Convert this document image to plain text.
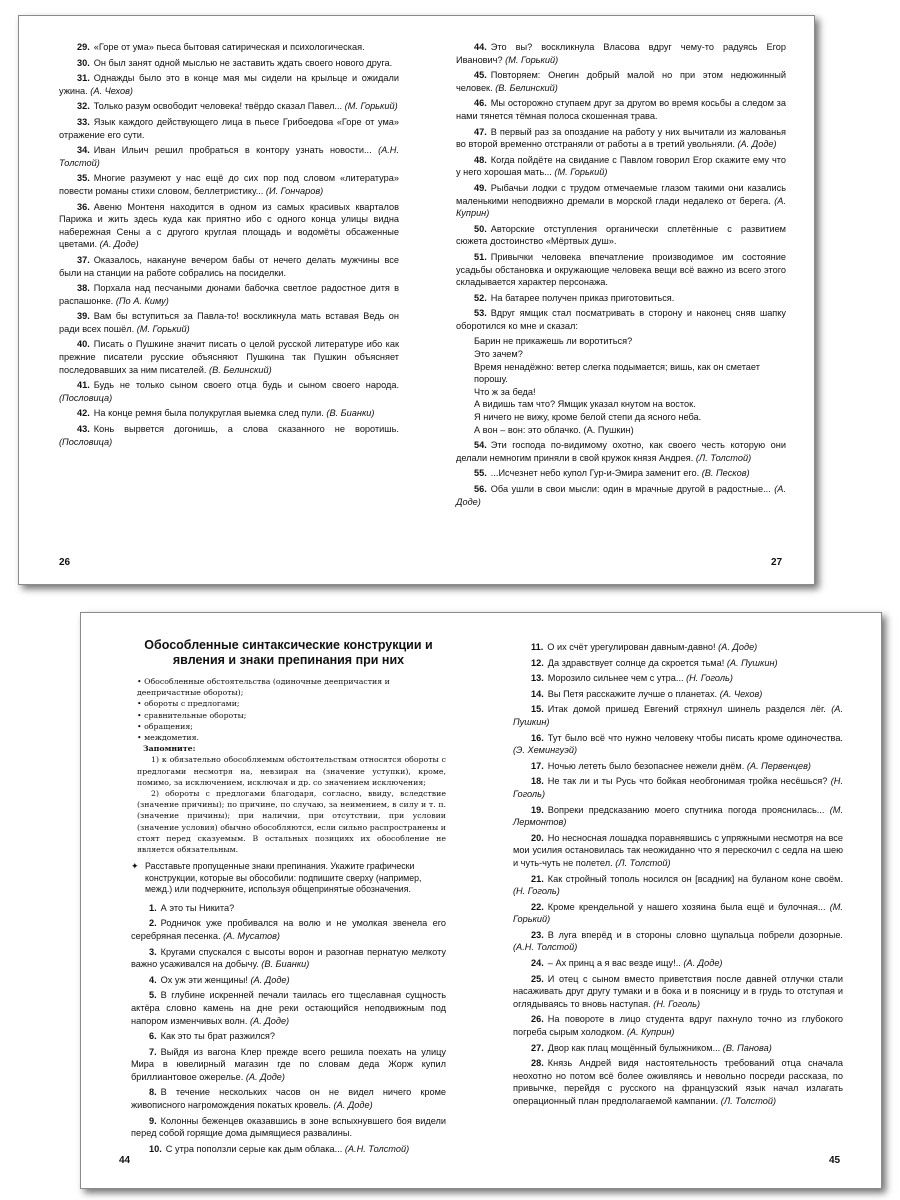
29. «Горе от ума» пьеса бытовая сатирическая и психологическая.

30. Он был занят одной мыслью не заставить ждать своего нового друга.

31. Однажды было это в конце мая мы сидели на крыльце и ожидали ужина. (А. Чехов)

32. Только разум освободит человека! твёрдо сказал Павел... (М. Горький)

33. Язык каждого действующего лица в пьесе Грибоедова «Горе от ума» отражение его сути.

34. Иван Ильич решил пробраться в контору узнать новости... (А.Н. Толстой)

35. Многие разумеют у нас ещё до сих пор под словом «литература» повести романы стихи словом, беллетристику... (И. Гончаров)

36. Авеню Монтеня находится в одном из самых красивых кварталов Парижа и жить здесь куда как приятно ибо с одного конца улицы видна набережная Сены а с другого круглая площадь и водомёты обсаженные цветами. (А. Доде)

37. Оказалось, накануне вечером бабы от нечего делать мужчины все были на станции на работе собрались на посиделки.

38. Порхала над песчаными дюнами бабочка светлое радостное дитя в распашонке. (По А. Киму)

39. Вам бы вступиться за Павла-то! воскликнула мать вставая Ведь он ради всех пошёл. (М. Горький)

40. Писать о Пушкине значит писать о целой русской литературе ибо как прежние писатели русские объясняют Пушкина так Пушкин объясняет последовавших за ним писателей. (В. Белинский)

41. Будь не только сыном своего отца будь и сыном своего народа. (Пословица)

42. На конце ремня была полукруглая выемка след пули. (В. Бианки)

43. Конь вырвется догонишь, а слова сказанного не воротишь. (Пословица)

44. Это вы? воскликнула Власова вдруг чему-то радуясь Егор Иванович? (М. Горький)

45. Повторяем: Онегин добрый малой но при этом недюжинный человек. (В. Белинский)

46. Мы осторожно ступаем друг за другом во время косьбы а следом за нами тянется тёмная полоса скошенная трава.

47. В первый раз за опоздание на работу у них вычитали из жалованья во второй временно отстраняли от работы а в третий увольняли. (А. Доде)

48. Когда пойдёте на свидание с Павлом говорил Егор скажите ему что у него хорошая мать... (М. Горький)

49. Рыбачьи лодки с трудом отмечаемые глазом такими они казались маленькими неподвижно дремали в морской глади недалеко от берега. (А. Куприн)

50. Авторские отступления органически сплетённые с развитием сюжета достоинство «Мёртвых душ».

51. Привычки человека впечатление производимое им состояние усадьбы обстановка и окружающие человека вещи всё важно из всего этого складывается характер персонажа.

52. На батарее получен приказ приготовиться.

53. Вдруг ямщик стал посматривать в сторону и наконец сняв шапку оборотился ко мне и сказал:

Барин не прикажешь ли воротиться?

Это зачем?

Время ненадёжно: ветер слегка подымается; вишь, как он сметает порошу.

Что ж за беда!

А видишь там что? Ямщик указал кнутом на восток.

Я ничего не вижу, кроме белой степи да ясного неба.

А вон – вон: это облачко. (А. Пушкин)

54. Эти господа по-видимому охотно, как своего честь которую они делали немногим приняли в свой кружок князя Андрея. (Л. Толстой)

55. ...Исчезнет небо купол Гур-и-Эмира заменит его. (В. Песков)

56. Оба ушли в свои мысли: один в мрачные другой в радостные... (А. Доде)

26	27
Обособленные синтаксические конструкции и явления и знаки препинания при них

• Обособленные обстоятельства (одиночные деепричастия и деепричастные обороты);

• обороты с предлогами;

• сравнительные обороты;

• обращения;

• междометия.

Запомните:

1) к обязательно обособляемым обстоятельствам относятся обороты с предлогами несмотря на, невзирая на (значение уступки), кроме, помимо, за исключением, исключая и др. со значением исключения;

2) обороты с предлогами благодаря, согласно, ввиду, вследствие (значение причины); по причине, по случаю, за неимением, в силу и т. п. (значение причины); при наличии, при отсутствии, при условии (значение условия) обычно обособляются, если сильно распространены и стоят перед сказуемым. В остальных позициях их обособление не является обязательным.

✦ Расставьте пропущенные знаки препинания. Укажите графически конструкции, которые вы обособили: подпишите сверху (например, межд.) или подчеркните, используя общепринятые обозначения.

1. А это ты Никита?

2. Родничок уже пробивался на волю и не умолкая звенела его серебряная песенка. (А. Мусатов)

3. Кругами спускался с высоты ворон и разогнав пернатую мелкоту важно усаживался на добычу. (В. Бианки)

4. Ох уж эти женщины! (А. Доде)

5. В глубине искренней печали таилась его тщеславная сущность актёра словно камень на дне реки остающийся неподвижным под напором изменчивых волн. (А. Доде)

6. Как это ты брат разжился?

7. Выйдя из вагона Клер прежде всего решила поехать на улицу Мира в ювелирный магазин где по словам деда Жорж купил бриллиантовое ожерелье. (А. Доде)

8. В течение нескольких часов он не видел ничего кроме живописного нагромождения покатых кровель. (А. Доде)

9. Колонны беженцев оказавшись в зоне вспыхнувшего боя видели перед собой горящие дома дымящиеся развалины.

10. С утра поползли серые как дым облака... (А.Н. Толстой)

11. О их счёт урегулирован давным-давно! (А. Доде)

12. Да здравствует солнце да скроется тьма! (А. Пушкин)

13. Морозило сильнее чем с утра... (Н. Гоголь)

14. Вы Петя расскажите лучше о планетах. (А. Чехов)

15. Итак домой пришед Евгений стряхнул шинель разделся лёг. (А. Пушкин)

16. Тут было всё что нужно человеку чтобы писать кроме одиночества. (Э. Хемингуэй)

17. Ночью лететь было безопаснее нежели днём. (А. Первенцев)

18. Не так ли и ты Русь что бойкая необгонимая тройка несёшься? (Н. Гоголь)

19. Вопреки предсказанию моего спутника погода прояснилась... (М. Лермонтов)

20. Но несносная лошадка поравнявшись с упряжными несмотря на все мои усилия остановилась так неожиданно что я перескочил с седла на шею и чуть-чуть не полетел. (Л. Толстой)

21. Как стройный тополь носился он [всадник] на буланом коне своём. (Н. Гоголь)

22. Кроме крендельной у нашего хозяина была ещё и булочная... (М. Горький)

23. В луга вперёд и в стороны словно щупальца побрели дозорные. (А.Н. Толстой)

24. – Ах принц а я вас везде ищу!.. (А. Доде)

25. И отец с сыном вместо приветствия после давней отлучки стали насаживать друг другу тумаки и в бока и в поясницу и в грудь то отступая и оглядываясь то вновь наступая. (Н. Гоголь)

26. На повороте в лицо студента вдруг пахнуло точно из глубокого погреба сырым холодком. (А. Куприн)

27. Двор как плац мощённый булыжником... (В. Панова)

28. Князь Андрей видя настоятельность требований отца сначала неохотно но потом всё более оживляясь и невольно посреди рассказа, по привычке, перейдя с русского на французский язык начал излагать операционный план предполагаемой кампании. (Л. Толстой)

44	45
